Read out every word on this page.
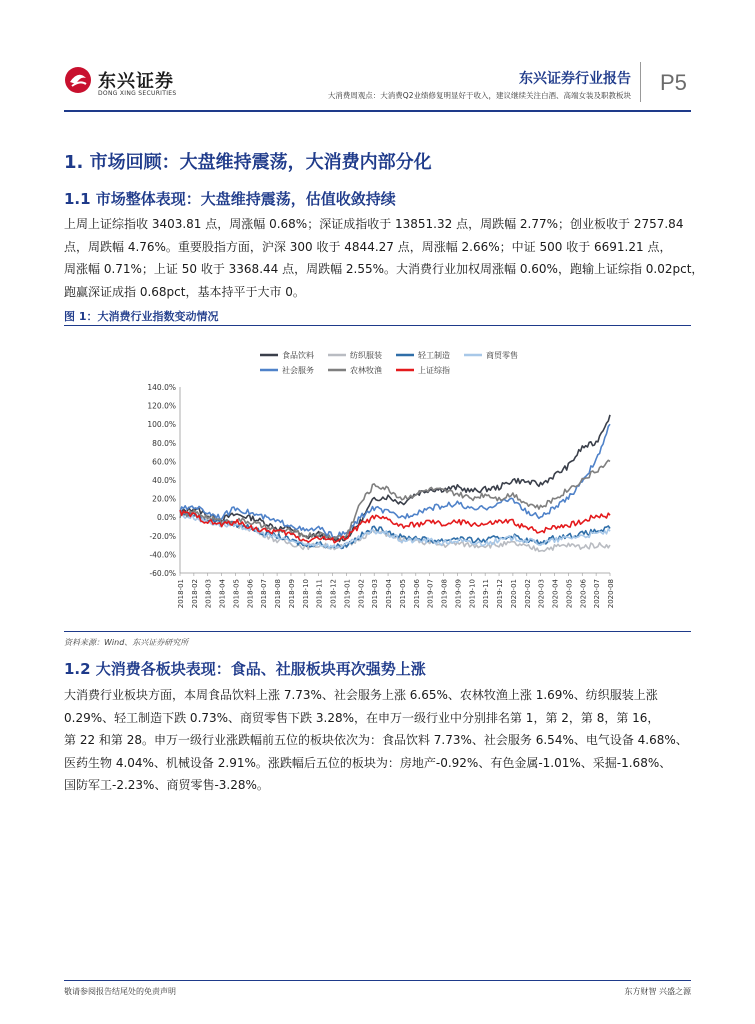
东兴证券
DONG XING SECURITIES
东兴证券行业报告
大消费周观点：大消费Q2业绩修复明显好于收入，建议继续关注白酒、高端女装及职教板块
P5
1. 市场回顾：大盘维持震荡，大消费内部分化
1.1 市场整体表现：大盘维持震荡，估值收敛持续
上周上证综指收 3403.81 点，周涨幅 0.68%；深证成指收于 13851.32 点，周跌幅 2.77%；创业板收于 2757.84
点，周跌幅 4.76%。重要股指方面，沪深 300 收于 4844.27 点，周涨幅 2.66%；中证 500 收于 6691.21 点，
周涨幅 0.71%；上证 50 收于 3368.44 点，周跌幅 2.55%。大消费行业加权周涨幅 0.60%，跑输上证综指 0.02pct，
跑赢深证成指 0.68pct，基本持平于大市 0。
图 1：大消费行业指数变动情况
140.0%
120.0%
100.0%
80.0%
60.0%
40.0%
20.0%
0.0%
-20.0%
-40.0%
-60.0%
2018-01 2018-02 2018-03 2018-04 2018-05 2018-06 2018-07 2018-08 2018-09 2018-10 2018-11 2018-12 2019-01 2019-02 2019-03 2019-04 2019-05 2019-06 2019-07 2019-08 2019-09 2019-10 2019-11 2019-12 2020-01 2020-02 2020-03 2020-04 2020-05 2020-06 2020-07 2020-08
食品饮料	纺织服装	轻工制造	商贸零售
社会服务	农林牧渔	上证综指
资料来源：Wind、东兴证券研究所
1.2 大消费各板块表现：食品、社服板块再次强势上涨
大消费行业板块方面，本周食品饮料上涨 7.73%、社会服务上涨 6.65%、农林牧渔上涨 1.69%、纺织服装上涨
0.29%、轻工制造下跌 0.73%、商贸零售下跌 3.28%，在申万一级行业中分别排名第 1，第 2，第 8，第 16，
第 22 和第 28。申万一级行业涨跌幅前五位的板块依次为：食品饮料 7.73%、社会服务 6.54%、电气设备 4.68%、
医药生物 4.04%、机械设备 2.91%。涨跌幅后五位的板块为：房地产-0.92%、有色金属-1.01%、采掘-1.68%、
国防军工-2.23%、商贸零售-3.28%。
敬请参阅报告结尾处的免责声明	东方财智 兴盛之源
